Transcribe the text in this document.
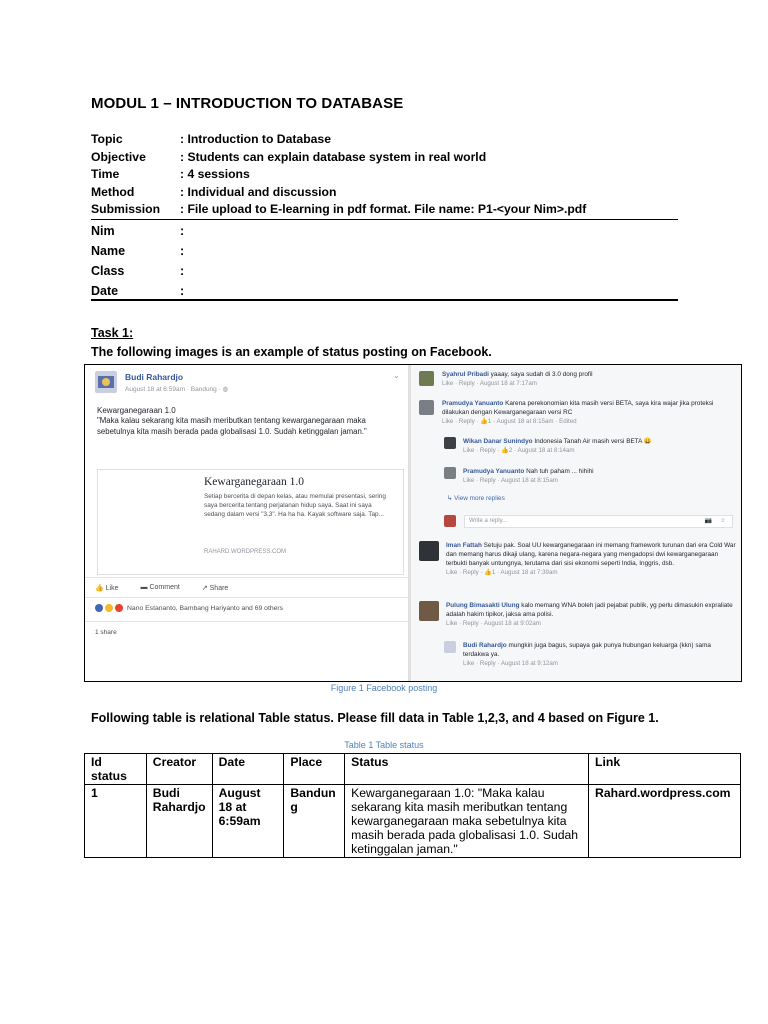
MODUL 1 – INTRODUCTION TO DATABASE
Topic	: Introduction to Database
Objective	: Students can explain database system in real world
Time	: 4 sessions
Method	: Individual and discussion
Submission	: File upload to E-learning in pdf format. File name: P1-<your Nim>.pdf
Nim	:
Name	:
Class	:
Date	:
Task 1:
The following images is an example of status posting on Facebook.
Budi Rahardjo
August 18 at 6:59am · Bandung · ◍
⌄
Kewarganegaraan 1.0
"Maka kalau sekarang kita masih meributkan tentang kewarganegaraan maka sebetulnya kita masih berada pada globalisasi 1.0. Sudah ketinggalan jaman."
Kewarganegaraan 1.0
Setiap bercerita di depan kelas, atau memulai presentasi, sering saya bercerita tentang perjalanan hidup saya. Saat ini saya sedang dalam versi "3.3". Ha ha ha. Kayak software saja. Tap...
RAHARD.WORDPRESS.COM
👍 Like	▬ Comment	↗ Share
Nano Estananto, Bambang Hariyanto and 69 others
1 share
Syahrul Pribadi yaaay, saya sudah di 3.0 dong profil
Like · Reply · August 18 at 7:17am
Pramudya Yanuanto Karena perekonomian kita masih versi BETA, saya kira wajar jika proteksi dilakukan dengan Kewarganegaraan versi RC
Like · Reply · 👍1 · August 18 at 8:15am · Edited
Wikan Danar Sunindyo Indonesia Tanah Air masih versi BETA 😀
Like · Reply · 👍2 · August 18 at 8:14am
Pramudya Yanuanto Nah tuh paham ... hihihi
Like · Reply · August 18 at 8:15am
↳ View more replies
Write a reply...	📷 ☺
Iman Fattah Setuju pak. Soal UU kewarganegaraan ini memang framework turunan dari era Cold War dan memang harus dikaji ulang, karena negara-negara yang mengadopsi dwi kewarganegaraan terbukti banyak untungnya, terutama dari sisi ekonomi seperti India, Inggris, dsb.
Like · Reply · 👍1 · August 18 at 7:39am
Pulung Bimasakti Ulung kalo memang WNA boleh jadi pejabat publik, yg perlu dimasukin expraliate adalah hakim tipikor, jaksa ama polisi.
Like · Reply · August 18 at 9:02am
Budi Rahardjo mungkin juga bagus, supaya gak punya hubungan keluarga (kkn) sama terdakwa ya.
Like · Reply · August 18 at 9:12am
Figure 1 Facebook posting
Following table is relational Table status. Please fill data in Table 1,2,3, and 4 based on Figure 1.
Table 1 Table status
Id status	Creator	Date	Place	Status	Link
1	Budi Rahardjo	August 18 at 6:59am	Bandung	Kewarganegaraan 1.0: "Maka kalau sekarang kita masih meributkan tentang kewarganegaraan maka sebetulnya kita masih berada pada globalisasi 1.0. Sudah ketinggalan jaman."	Rahard.wordpress.com
